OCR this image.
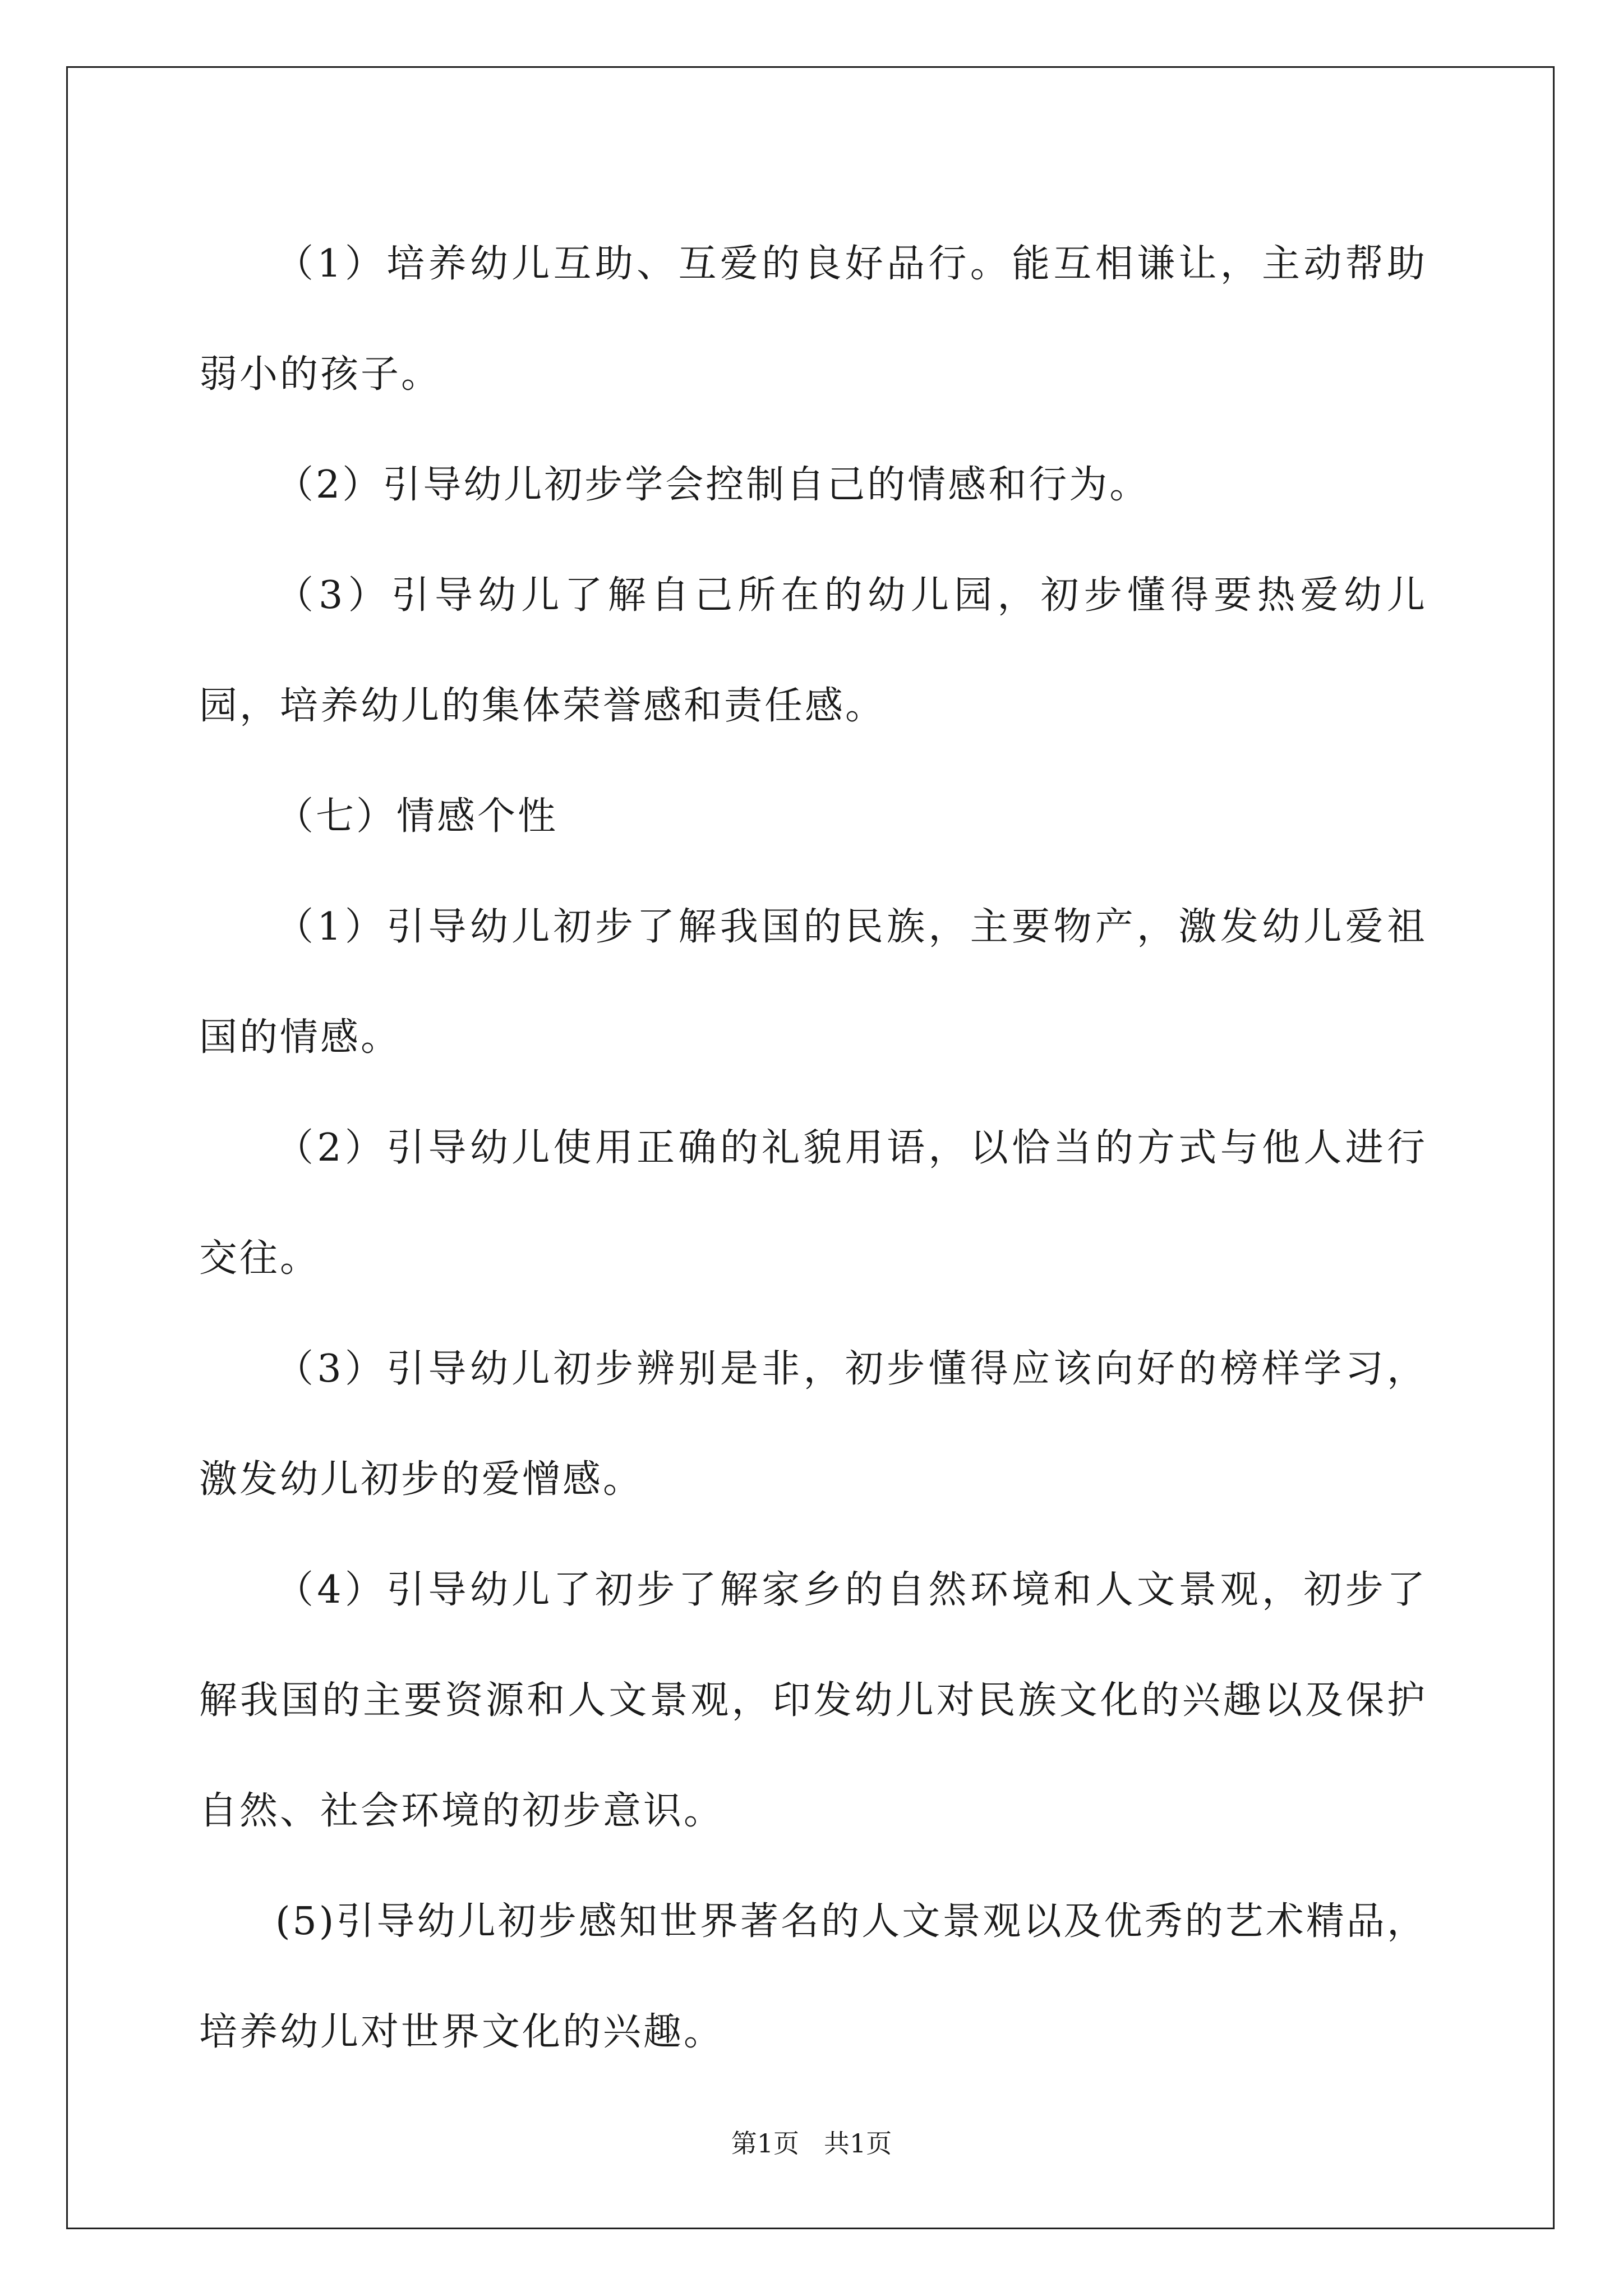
（1）培养幼儿互助、互爱的良好品行。能互相谦让，主动帮助弱小的孩子。

（2）引导幼儿初步学会控制自己的情感和行为。

（3）引导幼儿了解自己所在的幼儿园，初步懂得要热爱幼儿园，培养幼儿的集体荣誉感和责任感。

（七）情感个性

（1）引导幼儿初步了解我国的民族，主要物产，激发幼儿爱祖国的情感。

（2）引导幼儿使用正确的礼貌用语，以恰当的方式与他人进行交往。

（3）引导幼儿初步辨别是非，初步懂得应该向好的榜样学习，激发幼儿初步的爱憎感。

（4）引导幼儿了初步了解家乡的自然环境和人文景观，初步了解我国的主要资源和人文景观，印发幼儿对民族文化的兴趣以及保护自然、社会环境的初步意识。

(5)引导幼儿初步感知世界著名的人文景观以及优秀的艺术精品，培养幼儿对世界文化的兴趣。

第1页 共1页
